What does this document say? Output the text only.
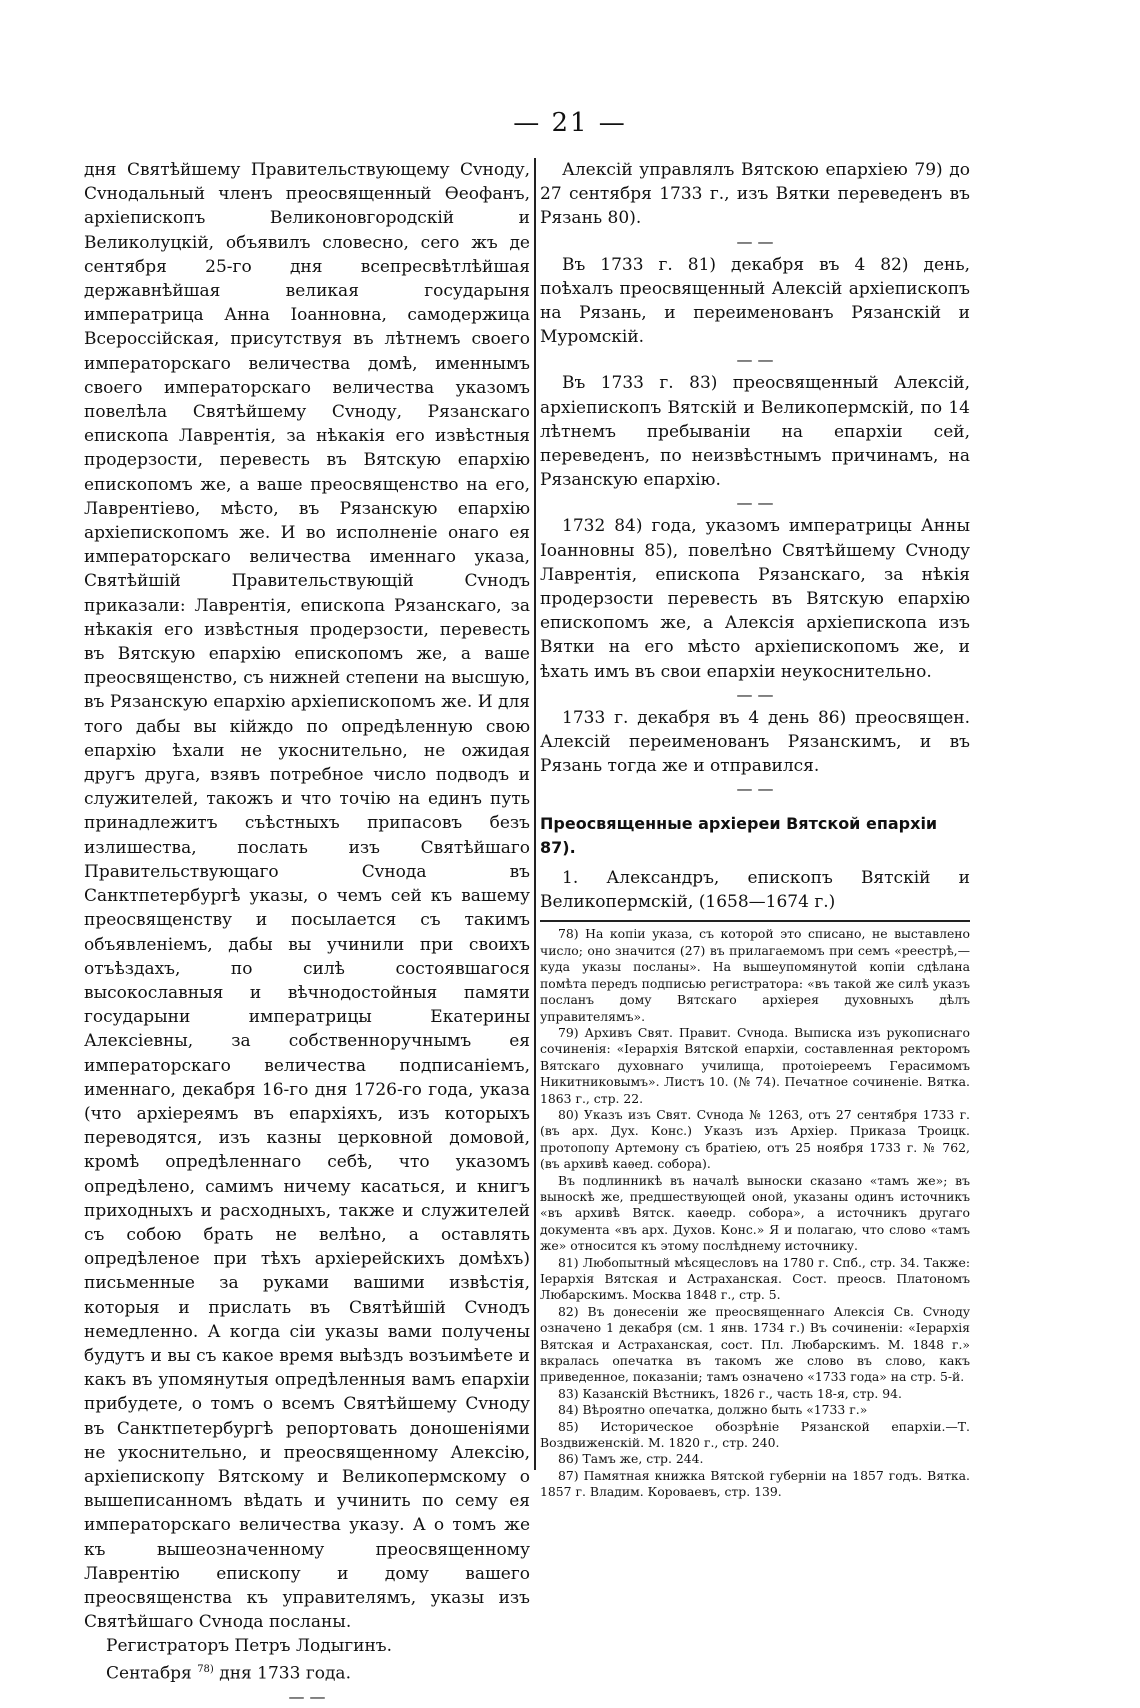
— 21 —

дня Святѣйшему Правительствующему Сvноду, Сvнодальный членъ преосвященный Өеофанъ, архіепископъ Великоновгородскій и Великолуцкій, объявилъ словесно, сего жъ де сентября 25-го дня всепресвѣтлѣйшая державнѣйшая великая государыня императрица Анна Іоанновна, самодержица Всероссійская, присутствуя въ лѣтнемъ своего императорскаго величества домѣ, именнымъ своего императорскаго величества указомъ повелѣла Святѣйшему Сvноду, Рязанскаго епископа Лаврентія, за нѣкакія его извѣстныя продерзости, перевесть въ Вятскую епархію епископомъ же, а ваше преосвященство на его, Лаврентіево, мѣсто, въ Рязанскую епархію архіепископомъ же. И во исполненіе онаго ея императорскаго величества именнаго указа, Святѣйшій Правительствующій Сvнодъ приказали: Лаврентія, епископа Рязанскаго, за нѣкакія его извѣстныя продерзости, перевесть въ Вятскую епархію епископомъ же, а ваше преосвященство, съ нижней степени на высшую, въ Рязанскую епархію архіепископомъ же. И для того дабы вы кійждо по опредѣленную свою епархію ѣхали не укоснительно, не ожидая другъ друга, взявъ потребное число подводъ и служителей, такожъ и что точію на единъ путь принадлежитъ съѣстныхъ припасовъ безъ излишества, послать изъ Святѣйшаго Правительствующаго Сvнода въ Санктпетербургѣ указы, о чемъ сей къ вашему преосвященству и посылается съ такимъ объявленіемъ, дабы вы учинили при своихъ отъѣздахъ, по силѣ состоявшагося высокославныя и вѣчнодостойныя памяти государыни императрицы Екатерины Алексіевны, за собственноручнымъ ея императорскаго величества подписаніемъ, именнаго, декабря 16-го дня 1726-го года, указа (что архіереямъ въ епархіяхъ, изъ которыхъ переводятся, изъ казны церковной домовой, кромѣ опредѣленнаго себѣ, что указомъ опредѣлено, самимъ ничему касаться, и книгъ приходныхъ и расходныхъ, также и служителей съ собою брать не велѣно, а оставлять опредѣленое при тѣхъ архіерейскихъ домѣхъ) письменные за руками вашими извѣстія, которыя и прислать въ Святѣйшій Сvнодъ немедленно. А когда сіи указы вами получены будутъ и вы съ какое время выѣздъ возъимѣете и какъ въ упомянутыя опредѣленныя вамъ епархіи прибудете, о томъ о всемъ Святѣйшему Сvноду въ Санктпетербургѣ репортовать доношеніями не укоснительно, и преосвященному Алексію, архіепископу Вятскому и Великопермскому о вышеписанномъ вѣдать и учинить по сему ея императорскаго величества указу. А о томъ же къ вышеозначенному преосвященному Лаврентію епископу и дому вашего преосвященства къ управителямъ, указы изъ Святѣйшаго Сvнода посланы.

Регистраторъ Петръ Лодыгинъ.

Сентабря $^{78)}$ дня 1733 года.

— —

Алексій управлялъ Вятскою епархіею 79) до 27 сентября 1733 г., изъ Вятки переведенъ въ Рязань 80).

— —

Въ 1733 г. 81) декабря въ 4 82) день, поѣхалъ преосвященный Алексій архіепископъ на Рязань, и переименованъ Рязанскій и Муромскій.

— —

Въ 1733 г. 83) преосвященный Алексій, архіепископъ Вятскій и Великопермскій, по 14 лѣтнемъ пребываніи на епархіи сей, переведенъ, по неизвѣстнымъ причинамъ, на Рязанскую епархію.

— —

1732 84) года, указомъ императрицы Анны Іоанновны 85), повелѣно Святѣйшему Сvноду Лаврентія, епископа Рязанскаго, за нѣкія продерзости перевесть въ Вятскую епархію епископомъ же, а Алексія архіепископа изъ Вятки на его мѣсто архіепископомъ же, и ѣхать имъ въ свои епархіи неукоснительно.

— —

1733 г. декабря въ 4 день 86) преосвящен. Алексій переименованъ Рязанскимъ, и въ Рязань тогда же и отправился.

— —

Преосвященные архіереи Вятской епархіи 87).

1. Александръ, епископъ Вятскій и Великопермскій, (1658—1674 г.)

78) На копіи указа, съ которой это списано, не выставлено число; оно значится (27) въ прилагаемомъ при семъ «реестрѣ,—куда указы посланы». На вышеупомянутой копіи сдѣлана помѣта передъ подписью регистратора: «въ такой же силѣ указъ посланъ дому Вятскаго архіерея духовныхъ дѣлъ управителямъ».

79) Архивъ Свят. Правит. Сvнода. Выписка изъ рукописнаго сочиненія: «Іерархія Вятской епархіи, составленная ректоромъ Вятскаго духовнаго училища, протоіереемъ Герасимомъ Никитниковымъ». Листъ 10. (№ 74). Печатное сочиненіе. Вятка. 1863 г., стр. 22.

80) Указъ изъ Свят. Сvнода № 1263, отъ 27 сентября 1733 г. (въ арх. Дух. Конс.) Указъ изъ Архіер. Приказа Троицк. протопопу Артемону съ братіею, отъ 25 ноября 1733 г. № 762, (въ архивѣ каѳед. собора).

Въ подлинникѣ въ началѣ выноски сказано «тамъ же»; въ выноскѣ же, предшествующей оной, указаны одинъ источникъ «въ архивѣ Вятск. каѳедр. собора», а источникъ другаго документа «въ арх. Духов. Конс.» Я и полагаю, что слово «тамъ же» относится къ этому послѣднему источнику.

81) Любопытный мѣсяцесловъ на 1780 г. Спб., стр. 34. Также: Іерархія Вятская и Астраханская. Сост. преосв. Платономъ Любарскимъ. Москва 1848 г., стр. 5.

82) Въ донесеніи же преосвященнаго Алексія Св. Сvноду означено 1 декабря (см. 1 янв. 1734 г.) Въ сочиненіи: «Іерархія Вятская и Астраханская, сост. Пл. Любарскимъ. М. 1848 г.» вкралась опечатка въ такомъ же слово въ слово, какъ приведенное, показаніи; тамъ означено «1733 года» на стр. 5-й.

83) Казанскій Вѣстникъ, 1826 г., часть 18-я, стр. 94.

84) Вѣроятно опечатка, должно быть «1733 г.»

85) Историческое обозрѣніе Рязанской епархіи.—Т. Воздвиженскій. М. 1820 г., стр. 240.

86) Тамъ же, стр. 244.

87) Памятная книжка Вятской губерніи на 1857 годъ. Вятка. 1857 г. Владим. Коровaевъ, стр. 139.
